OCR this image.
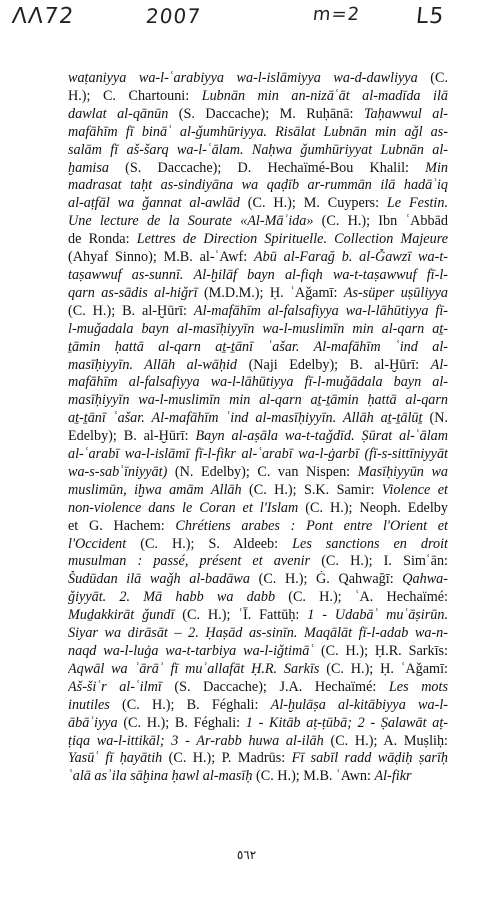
ΛΛ72	2007	m=2 L5
waṭaniyya wa-l-ʿarabiyya wa-l-islāmiyya wa-d-dawliyya (C.
H.); C. Chartouni: Lubnān min an-nizāʿāt al-madīda ilā
dawlat al-qānūn (S. Daccache); M. Ruḥānā: Taḥawwul al-
mafāhīm fī bināʾ al-ǧumhūriyya. Risālat Lubnān min aǧl as-
salām fī aš-šarq wa-l-ʿālam. Naḥwa ǧumhūriyyat Lubnān al-
ḫamisa (S. Daccache); D. Hechaïmé-Bou Khalil: Min
madrasat taḥt as-sindiyāna wa qaḍīb ar-rummān ilā hadāʾiq
al-aṭfāl wa ǧannat al-awlād (C. H.); M. Cuypers: Le Festin.
Une lecture de la Sourate «Al-Māʾida» (C. H.); Ibn ʿAbbād
de Ronda: Lettres de Direction Spirituelle. Collection Majeure
(Ahyaf Sinno); M.B. al-ʿAwf: Abū al-Farağ b. al-Ǧawzī wa-t-
taṣawwuf as-sunnī. Al-ḫilāf bayn al-fiqh wa-t-taṣawwuf fī-l-
qarn as-sādis al-hiǧrī (M.D.M.); Ḥ. ʿAǧamī: As-süper uṣūliyya
(C. H.); B. al-Ḫūrī: Al-mafāhīm al-falsafiyya wa-l-lāhūtiyya fī-
l-muǧadala bayn al-masīḥiyyīn wa-l-muslimīn min al-qarn aṯ-
ṯāmin ḥattā al-qarn aṯ-ṯānī ʿašar. Al-mafāhīm ʿind al-
masīḥiyyīn. Allāh al-wāḥid (Naji Edelby); B. al-Ḫūrī: Al-
mafāhīm al-falsafiyya wa-l-lāhūtiyya fī-l-muǧādala bayn al-
masīḥiyyīn wa-l-muslimīn min al-qarn aṯ-ṯāmin ḥattā al-qarn
aṯ-ṯānī ʿašar. Al-mafāhīm ʿind al-masīḥiyyīn. Allāh aṯ-ṯālūṯ (N.
Edelby); B. al-Ḫūrī: Bayn al-aṣāla wa-t-taǧdīd. Ṣūrat al-ʿālam
al-ʿarabī wa-l-islāmī fī-l-fikr al-ʿarabī wa-l-ġarbī (fī-s-sittīniyyāt
wa-s-sabʿīniyyāt) (N. Edelby); C. van Nispen: Masīḥiyyūn wa
muslimūn, iḫwa amām Allāh (C. H.); S.K. Samir: Violence et
non-violence dans le Coran et l'Islam (C. H.); Neoph. Edelby
et G. Hachem: Chrétiens arabes : Pont entre l'Orient et
l'Occident (C. H.); S. Aldeeb: Les sanctions en droit
musulman : passé, présent et avenir (C. H.); I. Simʿān:
Šudūdan ilā waǧh al-badāwa (C. H.); Ġ. Qahwağī: Qahwa-
ǧiyyāt. 2. Mā habb wa dabb (C. H.); ʿA. Hechaïmé:
Muḏakkirāt ǧundī (C. H.); ʿĪ. Fattūḥ: 1 - Udabāʾ muʿāṣirūn.
Siyar wa dirāsāt – 2. Ḥaṣād as-sinīn. Maqālāt fī-l-adab wa-n-
naqd wa-l-luġa wa-t-tarbiya wa-l-iǧtimāʿ (C. H.); Ḥ.R. Sarkīs:
Aqwāl wa ʾārāʾ fī muʾallafāt Ḥ.R. Sarkīs (C. H.); Ḥ. ʿAǧamī:
Aš-šiʿr al-ʿilmī (S. Daccache); J.A. Hechaïmé: Les mots
inutiles (C. H.); B. Féghali: Al-ḫulāṣa al-kitābiyya wa-l-
ābāʾiyya (C. H.); B. Féghali: 1 - Kitāb aṭ-ṭūbā; 2 - Ṣalawāt aṭ-
ṭiqa wa-l-ittikāl; 3 - Ar-rabb huwa al-ilāh (C. H.); A. Muṣliḥ:
Yasūʿ fī ḥayātih (C. H.); P. Madrūs: Fī sabīl radd wāḍiḥ ṣarīḥ
ʿalā asʾila sāḫina ḥawl al-masīḥ (C. H.); M.B. ʿAwn: Al-fikr
٥٦٢
